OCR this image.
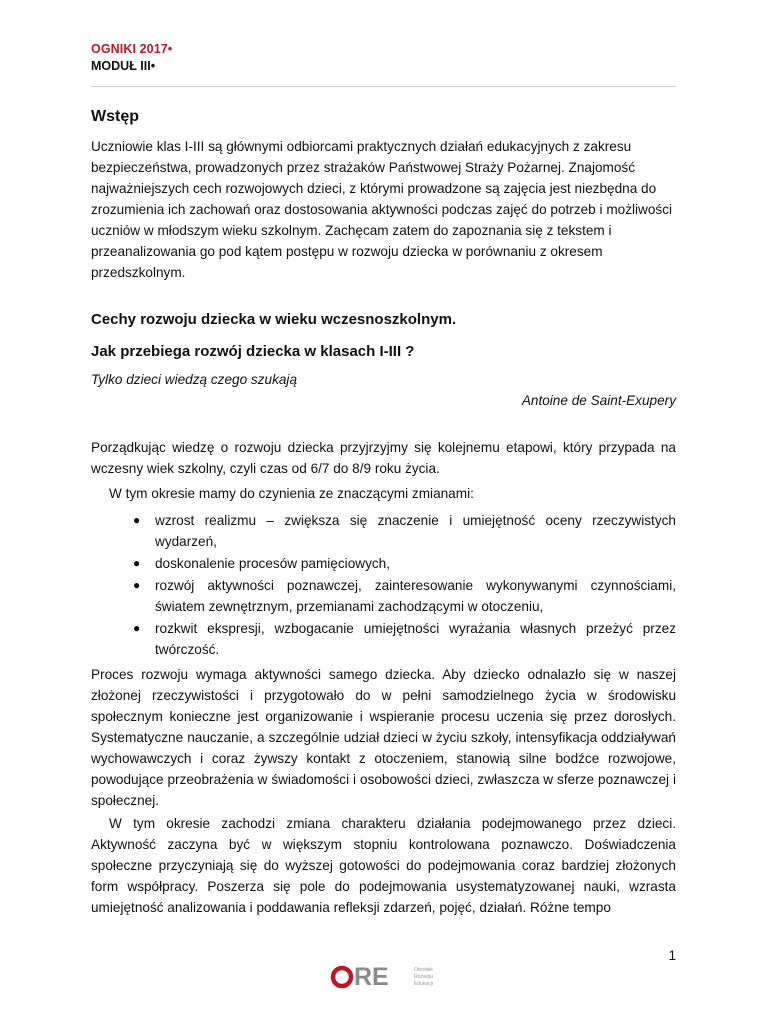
OGNIKI 2017•
MODUŁ III•
Wstęp

Uczniowie klas I-III są głównymi odbiorcami praktycznych działań edukacyjnych z zakresu bezpieczeństwa, prowadzonych przez strażaków Państwowej Straży Pożarnej. Znajomość najważniejszych cech rozwojowych dzieci, z którymi prowadzone są zajęcia jest niezbędna do zrozumienia ich zachowań oraz dostosowania aktywności podczas zajęć do potrzeb i możliwości uczniów w młodszym wieku szkolnym. Zachęcam zatem do zapoznania się z tekstem i przeanalizowania go pod kątem postępu w rozwoju dziecka w porównaniu z okresem przedszkolnym.

Cechy rozwoju dziecka w wieku wczesnoszkolnym.
Jak przebiega rozwój dziecka w klasach I-III ?

Tylko dzieci wiedzą czego szukają

Antoine de Saint-Exupery

Porządkując wiedzę o rozwoju dziecka przyjrzyjmy się kolejnemu etapowi, który przypada na wczesny wiek szkolny, czyli czas od 6/7 do 8/9 roku życia.

W tym okresie mamy do czynienia ze znaczącymi zmianami:

● wzrost realizmu – zwiększa się znaczenie i umiejętność oceny rzeczywistych wydarzeń,
● doskonalenie procesów pamięciowych,
● rozwój aktywności poznawczej, zainteresowanie wykonywanymi czynnościami, światem zewnętrznym, przemianami zachodzącymi w otoczeniu,
● rozkwit ekspresji, wzbogacanie umiejętności wyrażania własnych przeżyć przez twórczość.

Proces rozwoju wymaga aktywności samego dziecka. Aby dziecko odnalazło się w naszej złożonej rzeczywistości i przygotowało do w pełni samodzielnego życia w środowisku społecznym konieczne jest organizowanie i wspieranie procesu uczenia się przez dorosłych. Systematyczne nauczanie, a szczególnie udział dzieci w życiu szkoły, intensyfikacja oddziaływań wychowawczych i coraz żywszy kontakt z otoczeniem, stanowią silne bodźce rozwojowe, powodujące przeobrażenia w świadomości i osobowości dzieci, zwłaszcza w sferze poznawczej i społecznej.

W tym okresie zachodzi zmiana charakteru działania podejmowanego przez dzieci. Aktywność zaczyna być w większym stopniu kontrolowana poznawczo. Doświadczenia społeczne przyczyniają się do wyższej gotowości do podejmowania coraz bardziej złożonych form współpracy. Poszerza się pole do podejmowania usystematyzowanej nauki, wzrasta umiejętność analizowania i poddawania refleksji zdarzeń, pojęć, działań. Różne tempo

1
RE	Ośrodek
Rozwoju
Edukacji
